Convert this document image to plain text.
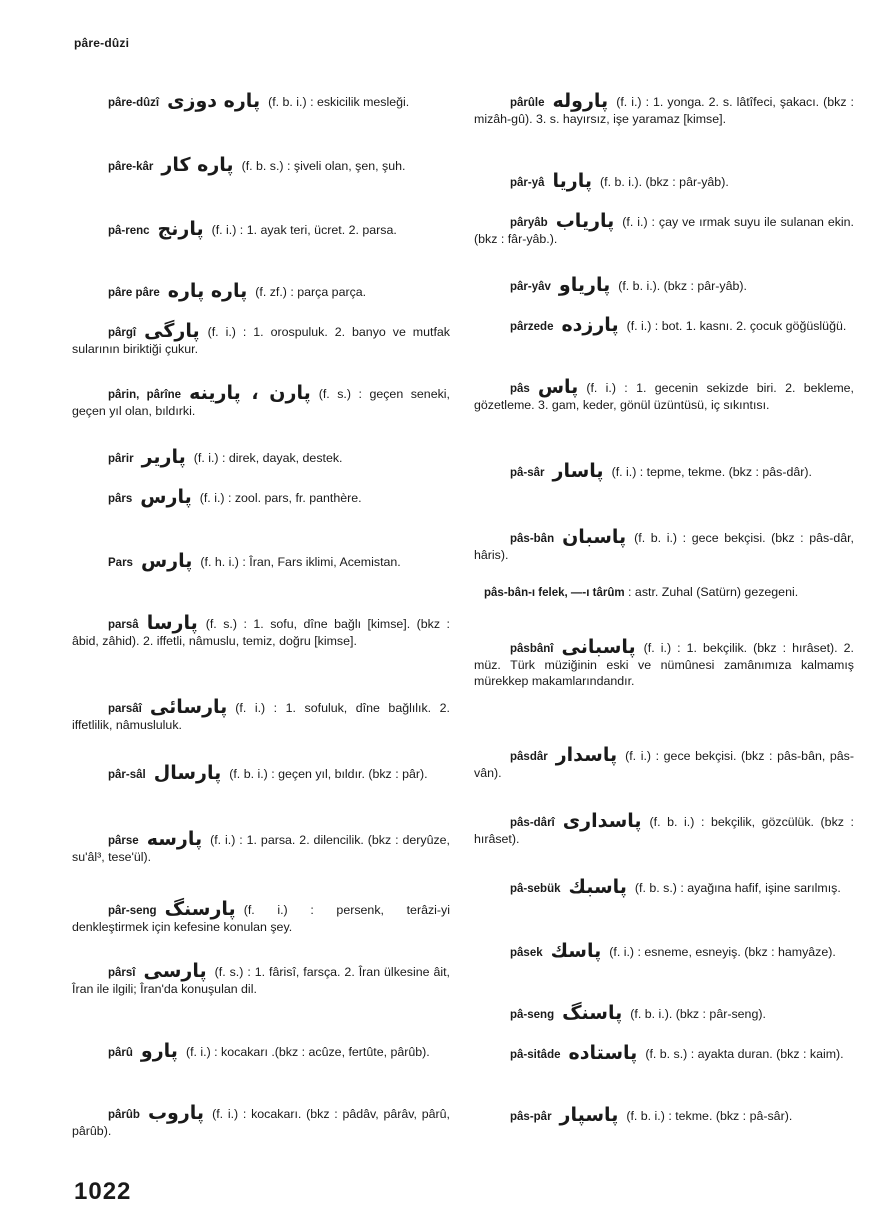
pâre-dûzi
pâre-dûzî پاره دوزی (f. b. i.) : eskicilik mesleği.
pâre-kâr پاره کار (f. b. s.) : şiveli olan, şen, şuh.
pâ-renc پارنج (f. i.) : 1. ayak teri, ücret. 2. parsa.
pâre pâre پاره پاره (f. zf.) : parça parça.
pârgî پارگی (f. i.) : 1. orospuluk. 2. banyo ve mutfak sularının biriktiği çukur.
pârin, pârîne پارن ، پارینه (f. s.) : geçen seneki, geçen yıl olan, bıldırki.
pârir پارير (f. i.) : direk, dayak, destek.
pârs پارس (f. i.) : zool. pars, fr. panthère.
Pars پارس (f. h. i.) : Îran, Fars iklimi, Acemistan.
parsâ پارسا (f. s.) : 1. sofu, dîne bağlı [kimse]. (bkz : âbid, zâhid). 2. iffetli, nâmuslu, temiz, doğru [kimse].
parsâî پارسائی (f. i.) : 1. sofuluk, dîne bağlılık. 2. iffetlilik, nâmusluluk.
pâr-sâl پارسال (f. b. i.) : geçen yıl, bıldır. (bkz : pâr).
pârse پارسه (f. i.) : 1. parsa. 2. dilencilik. (bkz : deryûze, su'âl³, tese'ül).
pâr-seng پارسنگ (f. i.) : persenk, terâzi-yi denkleştirmek için kefesine konulan şey.
pârsî پارسی (f. s.) : 1. fârisî, farsça. 2. Îran ülkesine âit, Îran ile ilgili; Îran'da konuşulan dil.
pârû پارو (f. i.) : kocakarı .(bkz : acûze, fertûte, pârûb).
pârûb پاروب (f. i.) : kocakarı. (bkz : pâdâv, pârâv, pârû, pârûb).
pârûle پاروله (f. i.) : 1. yonga. 2. s. lâtîfeci, şakacı. (bkz : mizâh-gû). 3. s. hayırsız, işe yaramaz [kimse].
pâr-yâ پاريا (f. b. i.). (bkz : pâr-yâb).
pâryâb پارياب (f. i.) : çay ve ırmak suyu ile sulanan ekin. (bkz : fâr-yâb.).
pâr-yâv پارياو (f. b. i.). (bkz : pâr-yâb).
pârzede پارزده (f. i.) : bot. 1. kasnı. 2. çocuk göğüslüğü.
pâs پاس (f. i.) : 1. gecenin sekizde biri. 2. bekleme, gözetleme. 3. gam, keder, gönül üzüntüsü, iç sıkıntısı.
pâ-sâr پاسار (f. i.) : tepme, tekme. (bkz : pâs-dâr).
pâs-bân پاسبان (f. b. i.) : gece bekçisi. (bkz : pâs-dâr, hâris).
pâs-bân-ı felek, —-ı târûm : astr. Zuhal (Satürn) gezegeni.
pâsbânî پاسبانی (f. i.) : 1. bekçilik. (bkz : hırâset). 2. müz. Türk müziğinin eski ve nümûnesi zamânımıza kalmamış mürekkep makamlarındandır.
pâsdâr پاسدار (f. i.) : gece bekçisi. (bkz : pâs-bân, pâs-vân).
pâs-dârî پاسداری (f. b. i.) : bekçilik, gözcülük. (bkz : hırâset).
pâ-sebük پاسبك (f. b. s.) : ayağına hafif, işine sarılmış.
pâsek پاسك (f. i.) : esneme, esneyiş. (bkz : hamyâze).
pâ-seng پاسنگ (f. b. i.). (bkz : pâr-seng).
pâ-sitâde پاستاده (f. b. s.) : ayakta duran. (bkz : kaim).
pâs-pâr پاسپار (f. b. i.) : tekme. (bkz : pâ-sâr).
1022
